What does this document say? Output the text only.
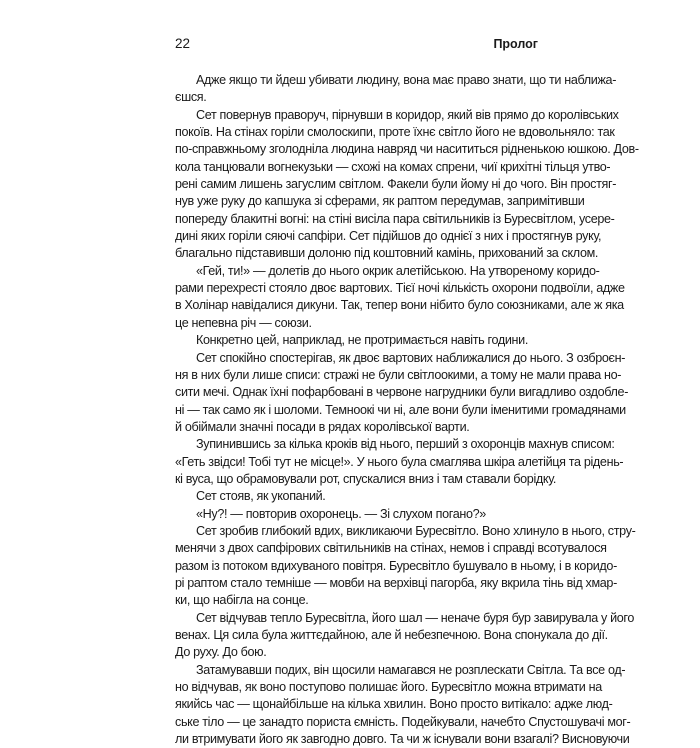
22	Пролог
Адже якщо ти йдеш убивати людину, вона має право знати, що ти наближа-
єшся.
Сет повернув праворуч, пірнувши в коридор, який вів прямо до королівських
покоїв. На стінах горіли смолоскипи, проте їхнє світло його не вдовольняло: так
по-справжньому зголодніла людина навряд чи насититься рідненькою юшкою. Дов-
кола танцювали вогнекузьки — схожі на комах спрени, чиї крихітні тільця утво-
рені самим лишень загуслим світлом. Факели були йому ні до чого. Він простяг-
нув уже руку до капшука зі сферами, як раптом передумав, запримітивши
попереду блакитні вогні: на стіні висіла пара світильників із Буресвітлом, усере-
дині яких горіли сяючі сапфіри. Сет підійшов до однієї з них і простягнув руку,
благально підставивши долоню під коштовний камінь, прихований за склом.
«Гей, ти!» — долетів до нього окрик алетійською. На утвореному коридо-
рами перехресті стояло двоє вартових. Тієї ночі кількість охорони подвоїли, адже
в Холінар навідалися дикуни. Так, тепер вони нібито було союзниками, але ж яка
це непевна річ — союзи.
Конкретно цей, наприклад, не протримається навіть години.
Сет спокійно спостерігав, як двоє вартових наближалися до нього. З озброєн-
ня в них були лише списи: стражі не були світлоокими, а тому не мали права но-
сити мечі. Однак їхні пофарбовані в червоне нагрудники були вигадливо оздобле-
ні — так само як і шоломи. Темноокі чи ні, але вони були іменитими громадянами
й обіймали значні посади в рядах королівської варти.
Зупинившись за кілька кроків від нього, перший з охоронців махнув списом:
«Геть звідси! Тобі тут не місце!». У нього була смаглява шкіра алетійця та рідень-
кі вуса, що обрамовували рот, спускалися вниз і там ставали борідку.
Сет стояв, як укопаний.
«Ну?! — повторив охоронець. — Зі слухом погано?»
Сет зробив глибокий вдих, викликаючи Буресвітло. Воно хлинуло в нього, стру-
менячи з двох сапфірових світильників на стінах, немов і справді всотувалося
разом із потоком вдихуваного повітря. Буресвітло бушувало в ньому, і в коридо-
рі раптом стало темніше — мовби на верхівці пагорба, яку вкрила тінь від хмар-
ки, що набігла на сонце.
Сет відчував тепло Буресвітла, його шал — неначе буря бур завирувала у його
венах. Ця сила була життєдайною, але й небезпечною. Вона спонукала до дії.
До руху. До бою.
Затамувавши подих, він щосили намагався не розплескати Світла. Та все од-
но відчував, як воно поступово полишає його. Буресвітло можна втримати на
якийсь час — щонайбільше на кілька хвилин. Воно просто витікало: адже люд-
ське тіло — це занадто пориста ємність. Подейкували, начебто Спустошувачі мог-
ли втримувати його як завгодно довго. Та чи ж існували вони взагалі? Висновуючи
